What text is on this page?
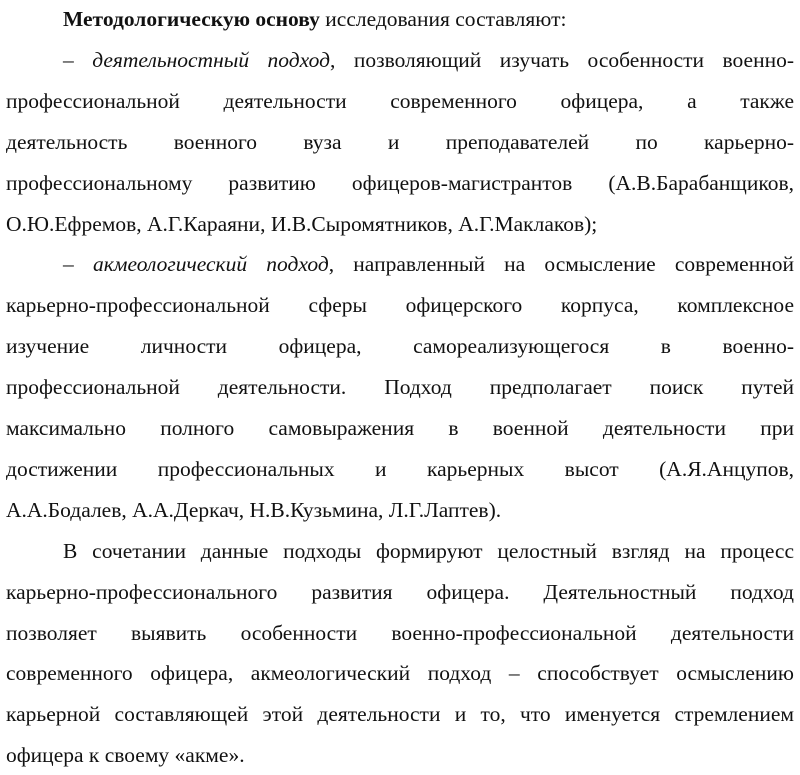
Методологическую основу исследования составляют:
– деятельностный подход, позволяющий изучать особенности военно-
профессиональной деятельности современного офицера, а также
деятельность военного вуза и преподавателей по карьерно-
профессиональному развитию офицеров-магистрантов (А.В.Барабанщиков,
О.Ю.Ефремов, А.Г.Караяни, И.В.Сыромятников, А.Г.Маклаков);
– акмеологический подход, направленный на осмысление современной
карьерно-профессиональной сферы офицерского корпуса, комплексное
изучение личности офицера, самореализующегося в военно-
профессиональной деятельности. Подход предполагает поиск путей
максимально полного самовыражения в военной деятельности при
достижении профессиональных и карьерных высот (А.Я.Анцупов,
А.А.Бодалев, А.А.Деркач, Н.В.Кузьмина, Л.Г.Лаптев).
В сочетании данные подходы формируют целостный взгляд на процесс
карьерно-профессионального развития офицера. Деятельностный подход
позволяет выявить особенности военно-профессиональной деятельности
современного офицера, акмеологический подход – способствует осмыслению
карьерной составляющей этой деятельности и то, что именуется стремлением
офицера к своему «акме».
